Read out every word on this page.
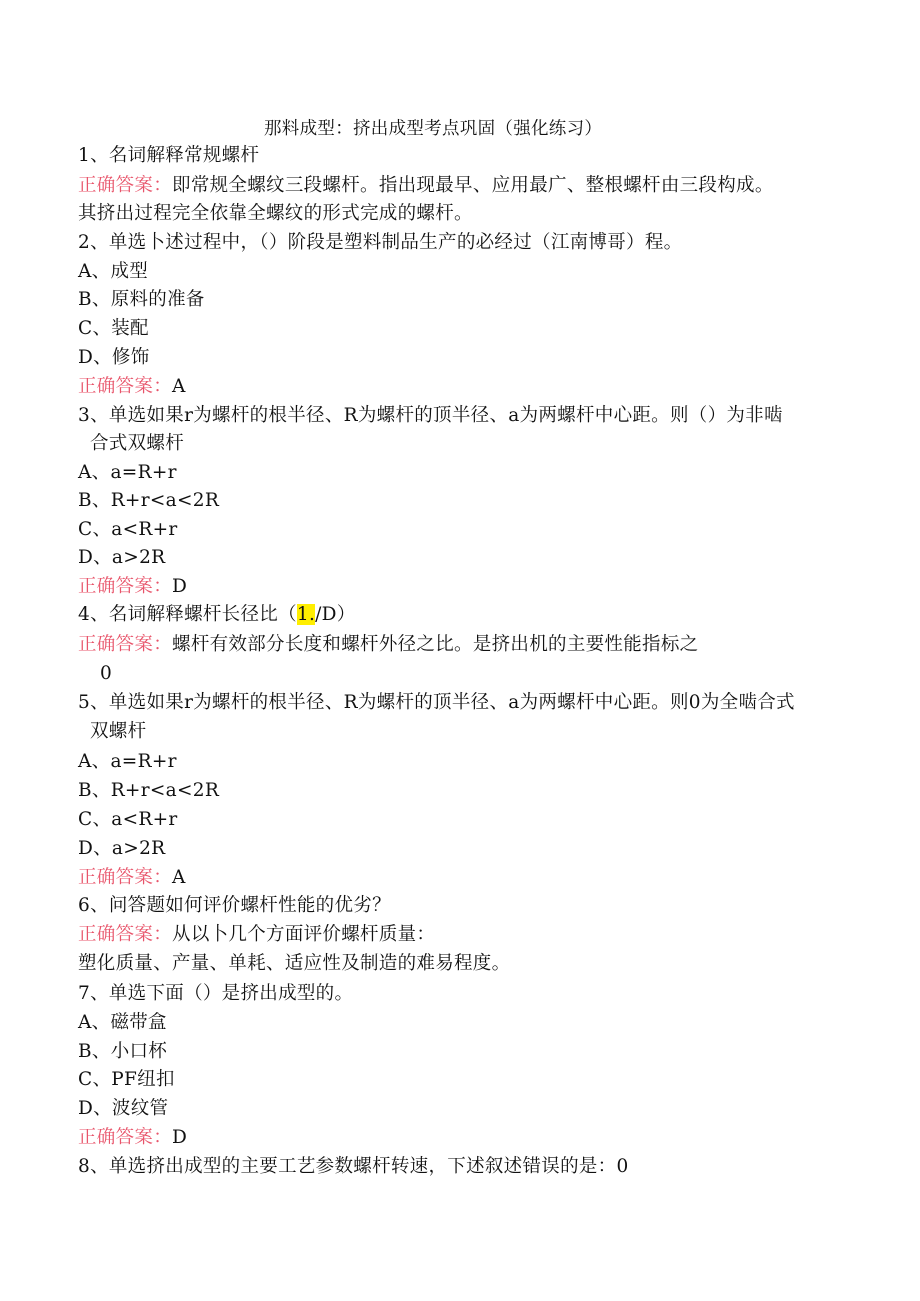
那料成型：挤出成型考点巩固（强化练习）
1、名词解释常规螺杆
正确答案：即常规全螺纹三段螺杆。指出现最早、应用最广、整根螺杆由三段构成。
其挤出过程完全依靠全螺纹的形式完成的螺杆。
2、单选卜述过程中，（）阶段是塑料制品生产的必经过（江南博哥）程。
A、成型
B、原料的准备
C、装配
D、修饰
正确答案：A
3、单选如果r为螺杆的根半径、R为螺杆的顶半径、a为两螺杆中心距。则（）为非啮
合式双螺杆
A、a=R+r
B、R+r<a<2R
C、a<R+r
D、a>2R
正确答案：D
4、名词解释螺杆长径比（1./D）
正确答案：螺杆有效部分长度和螺杆外径之比。是挤出机的主要性能指标之
0
5、单选如果r为螺杆的根半径、R为螺杆的顶半径、a为两螺杆中心距。则0为全啮合式
双螺杆
A、a=R+r
B、R+r<a<2R
C、a<R+r
D、a>2R
正确答案：A
6、问答题如何评价螺杆性能的优劣？
正确答案：从以卜几个方面评价螺杆质量：
塑化质量、产量、单耗、适应性及制造的难易程度。
7、单选下面（）是挤出成型的。
A、磁带盒
B、小口杯
C、PF纽扣
D、波纹管
正确答案：D
8、单选挤出成型的主要工艺参数螺杆转速，下述叙述错误的是：0
